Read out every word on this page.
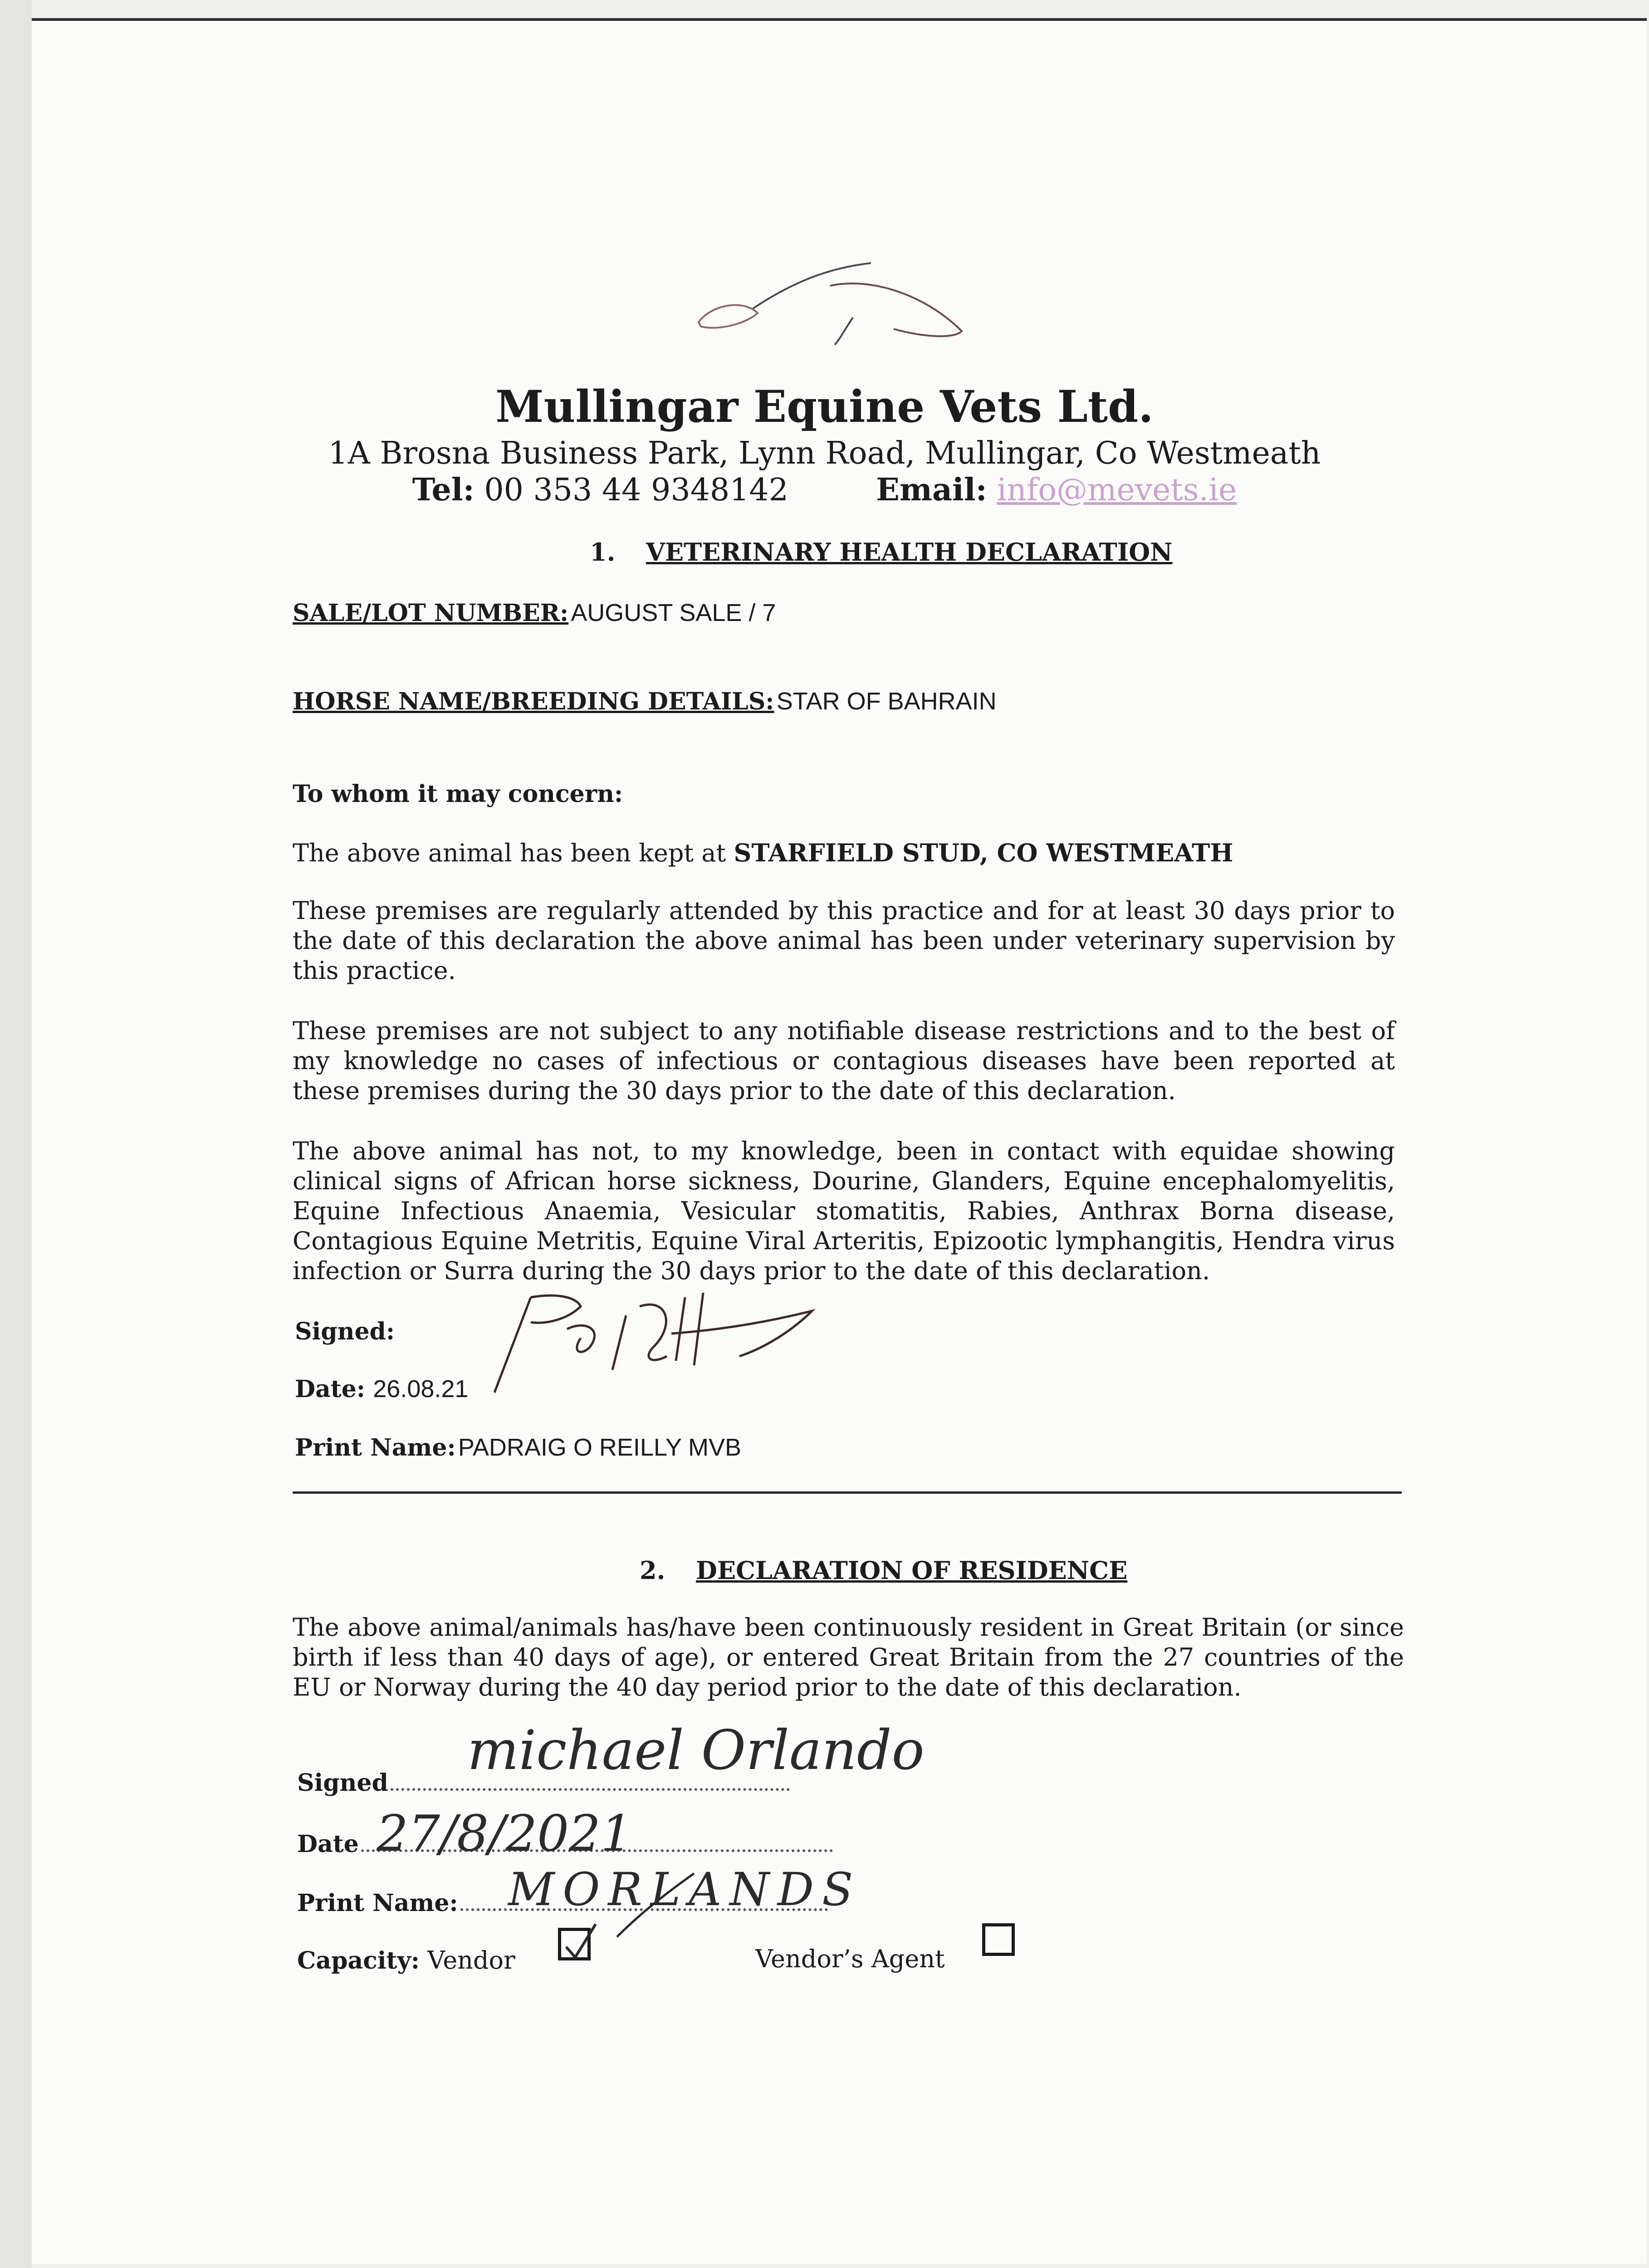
Mullingar Equine Vets Ltd.
1A Brosna Business Park, Lynn Road, Mullingar, Co Westmeath
Tel: 00 353 44 9348142	Email: info@mevets.ie
1. VETERINARY HEALTH DECLARATION
SALE/LOT NUMBER: AUGUST SALE / 7
HORSE NAME/BREEDING DETAILS: STAR OF BAHRAIN
To whom it may concern:
The above animal has been kept at STARFIELD STUD, CO WESTMEATH
These premises are regularly attended by this practice and for at least 30 days prior to the date of this declaration the above animal has been under veterinary supervision by this practice.
These premises are not subject to any notifiable disease restrictions and to the best of my knowledge no cases of infectious or contagious diseases have been reported at these premises during the 30 days prior to the date of this declaration.
The above animal has not, to my knowledge, been in contact with equidae showing clinical signs of African horse sickness, Dourine, Glanders, Equine encephalomyelitis, Equine Infectious Anaemia, Vesicular stomatitis, Rabies, Anthrax Borna disease, Contagious Equine Metritis, Equine Viral Arteritis, Epizootic lymphangitis, Hendra virus infection or Surra during the 30 days prior to the date of this declaration.
Signed:
Date: 26.08.21
Print Name: PADRAIG O REILLY MVB
2. DECLARATION OF RESIDENCE
The above animal/animals has/have been continuously resident in Great Britain (or since birth if less than 40 days of age), or entered Great Britain from the 27 countries of the EU or Norway during the 40 day period prior to the date of this declaration.
Signed
michael Orlando
Date 27/8/2021
Print Name:	MORLANDS
Capacity: Vendor	Vendor’s Agent
